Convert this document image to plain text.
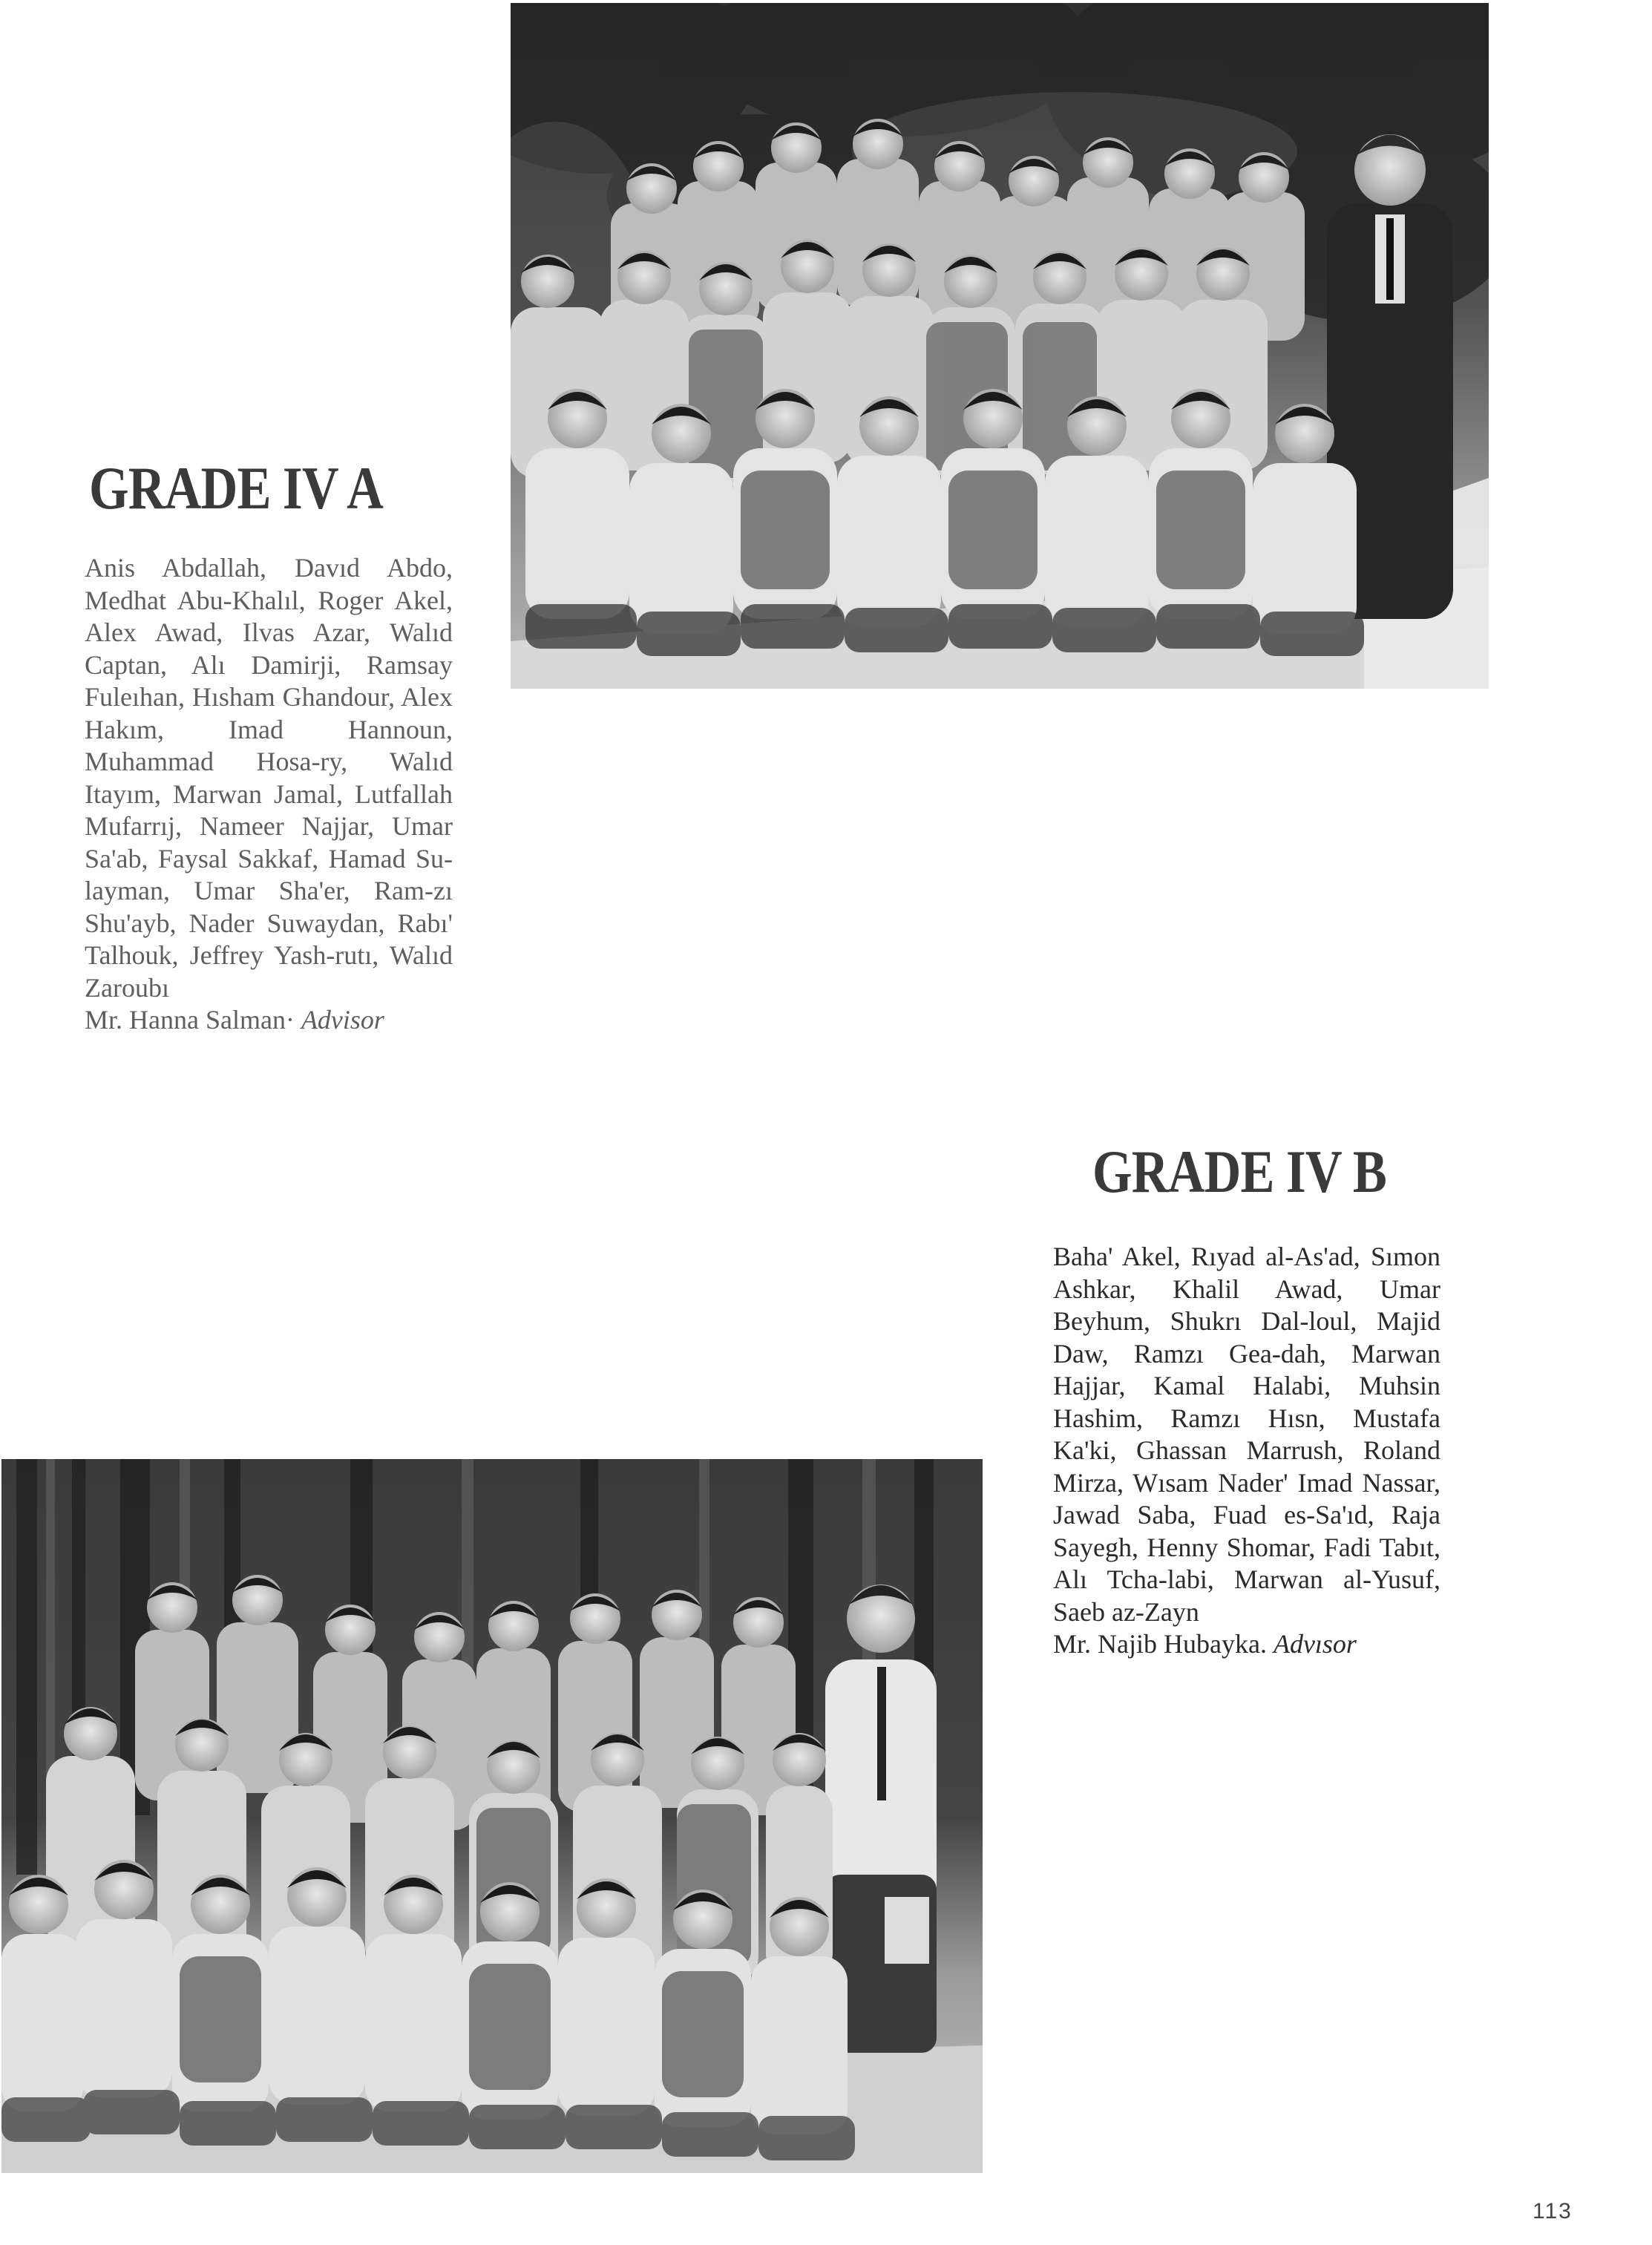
GRADE IV A

Anis Abdallah, Davıd Abdo, Medhat Abu-Khalıl, Roger Akel, Alex Awad, Ilvas Azar, Walıd Captan, Alı Damirji, Ramsay Fuleıhan, Hısham Ghandour, Alex Hakım, Imad Hannoun, Muhammad Hosa-ry, Walıd Itayım, Marwan Jamal, Lutfallah Mufarrıj, Nameer Najjar, Umar Sa'ab, Faysal Sakkaf, Hamad Su-layman, Umar Sha'er, Ram-zı Shu'ayb, Nader Suwaydan, Rabı' Talhouk, Jeffrey Yash-rutı, Walıd Zaroubı

Mr. Hanna Salman· Advisor

GRADE IV B

Baha' Akel, Rıyad al-As'ad, Sımon Ashkar, Khalil Awad, Umar Beyhum, Shukrı Dal-loul, Majid Daw, Ramzı Gea-dah, Marwan Hajjar, Kamal Halabi, Muhsin Hashim, Ramzı Hısn, Mustafa Ka'ki, Ghassan Marrush, Roland Mirza, Wısam Nader' Imad Nassar, Jawad Saba, Fuad es-Sa'ıd, Raja Sayegh, Henny Shomar, Fadi Tabıt, Alı Tcha-labi, Marwan al-Yusuf, Saeb az-Zayn

Mr. Najib Hubayka. Advısor

113
